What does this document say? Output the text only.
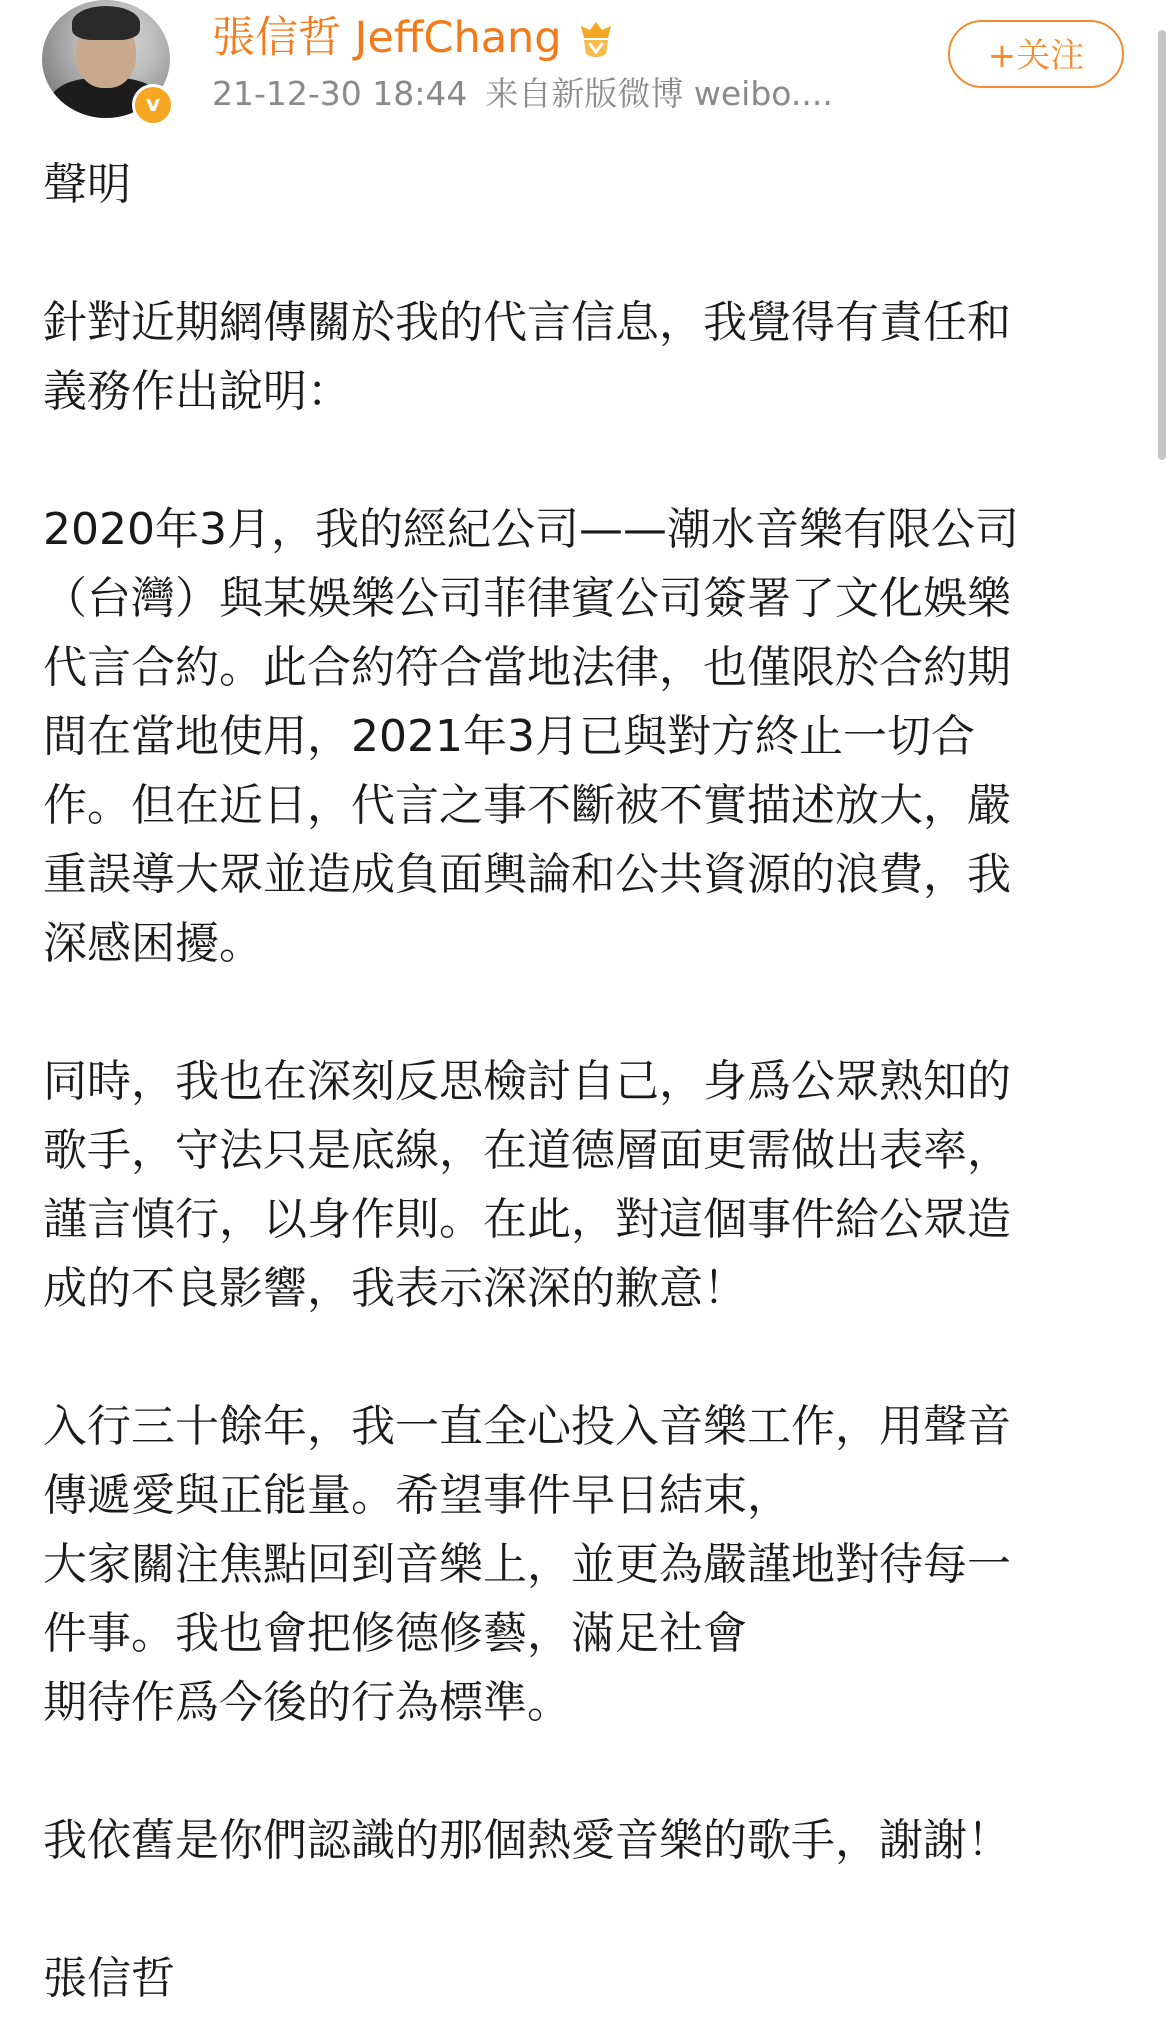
v
張信哲 JeffChang
21-12-30 18:44 来自新版微博 weibo....
+关注

聲明

針對近期網傳關於我的代言信息，我覺得有責任和
義務作出說明：

2020年3月，我的經紀公司——潮水音樂有限公司
（台灣）與某娛樂公司菲律賓公司簽署了文化娛樂
代言合約。此合約符合當地法律，也僅限於合約期
間在當地使用，2021年3月已與對方終止一切合
作。但在近日，代言之事不斷被不實描述放大，嚴
重誤導大眾並造成負面輿論和公共資源的浪費，我
深感困擾。

同時，我也在深刻反思檢討自己，身爲公眾熟知的
歌手，守法只是底線，在道德層面更需做出表率，
謹言慎行，以身作則。在此，對這個事件給公眾造
成的不良影響，我表示深深的歉意！

入行三十餘年，我一直全心投入音樂工作，用聲音
傳遞愛與正能量。希望事件早日結束，
大家關注焦點回到音樂上，並更為嚴謹地對待每一
件事。我也會把修德修藝，滿足社會
期待作爲今後的行為標準。

我依舊是你們認識的那個熱愛音樂的歌手，謝謝！

張信哲
